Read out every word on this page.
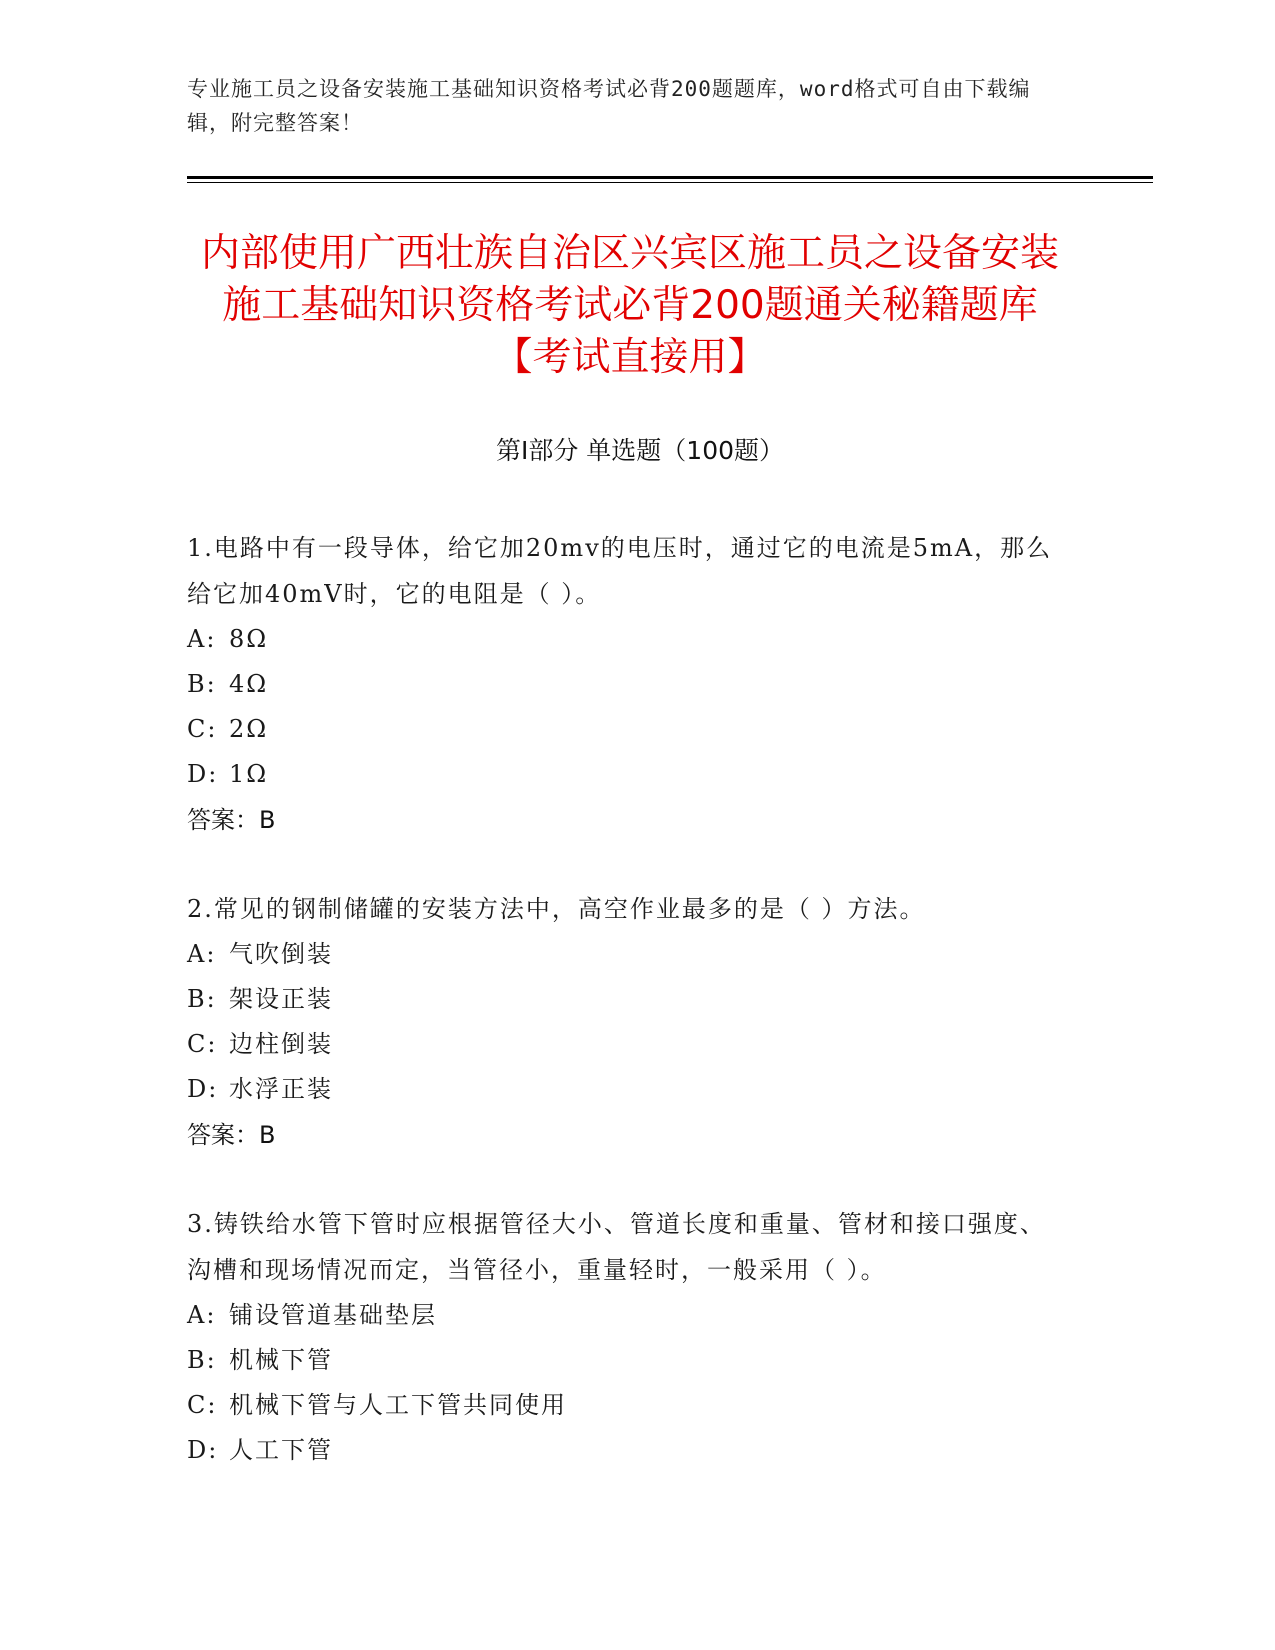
专业施工员之设备安装施工基础知识资格考试必背200题题库，word格式可自由下载编辑，附完整答案！
内部使用广西壮族自治区兴宾区施工员之设备安装施工基础知识资格考试必背200题通关秘籍题库【考试直接用】
第I部分 单选题（100题）

1.电路中有一段导体，给它加20mv的电压时，通过它的电流是5mA，那么给它加40mV时，它的电阻是（ ）。

A: 8Ω
B: 4Ω
C: 2Ω
D: 1Ω
答案：B

2.常见的钢制储罐的安装方法中，高空作业最多的是（ ）方法。

A: 气吹倒装
B: 架设正装
C: 边柱倒装
D: 水浮正装
答案：B

3.铸铁给水管下管时应根据管径大小、管道长度和重量、管材和接口强度、沟槽和现场情况而定，当管径小，重量轻时，一般采用（ ）。

A: 铺设管道基础垫层
B: 机械下管
C: 机械下管与人工下管共同使用
D: 人工下管
